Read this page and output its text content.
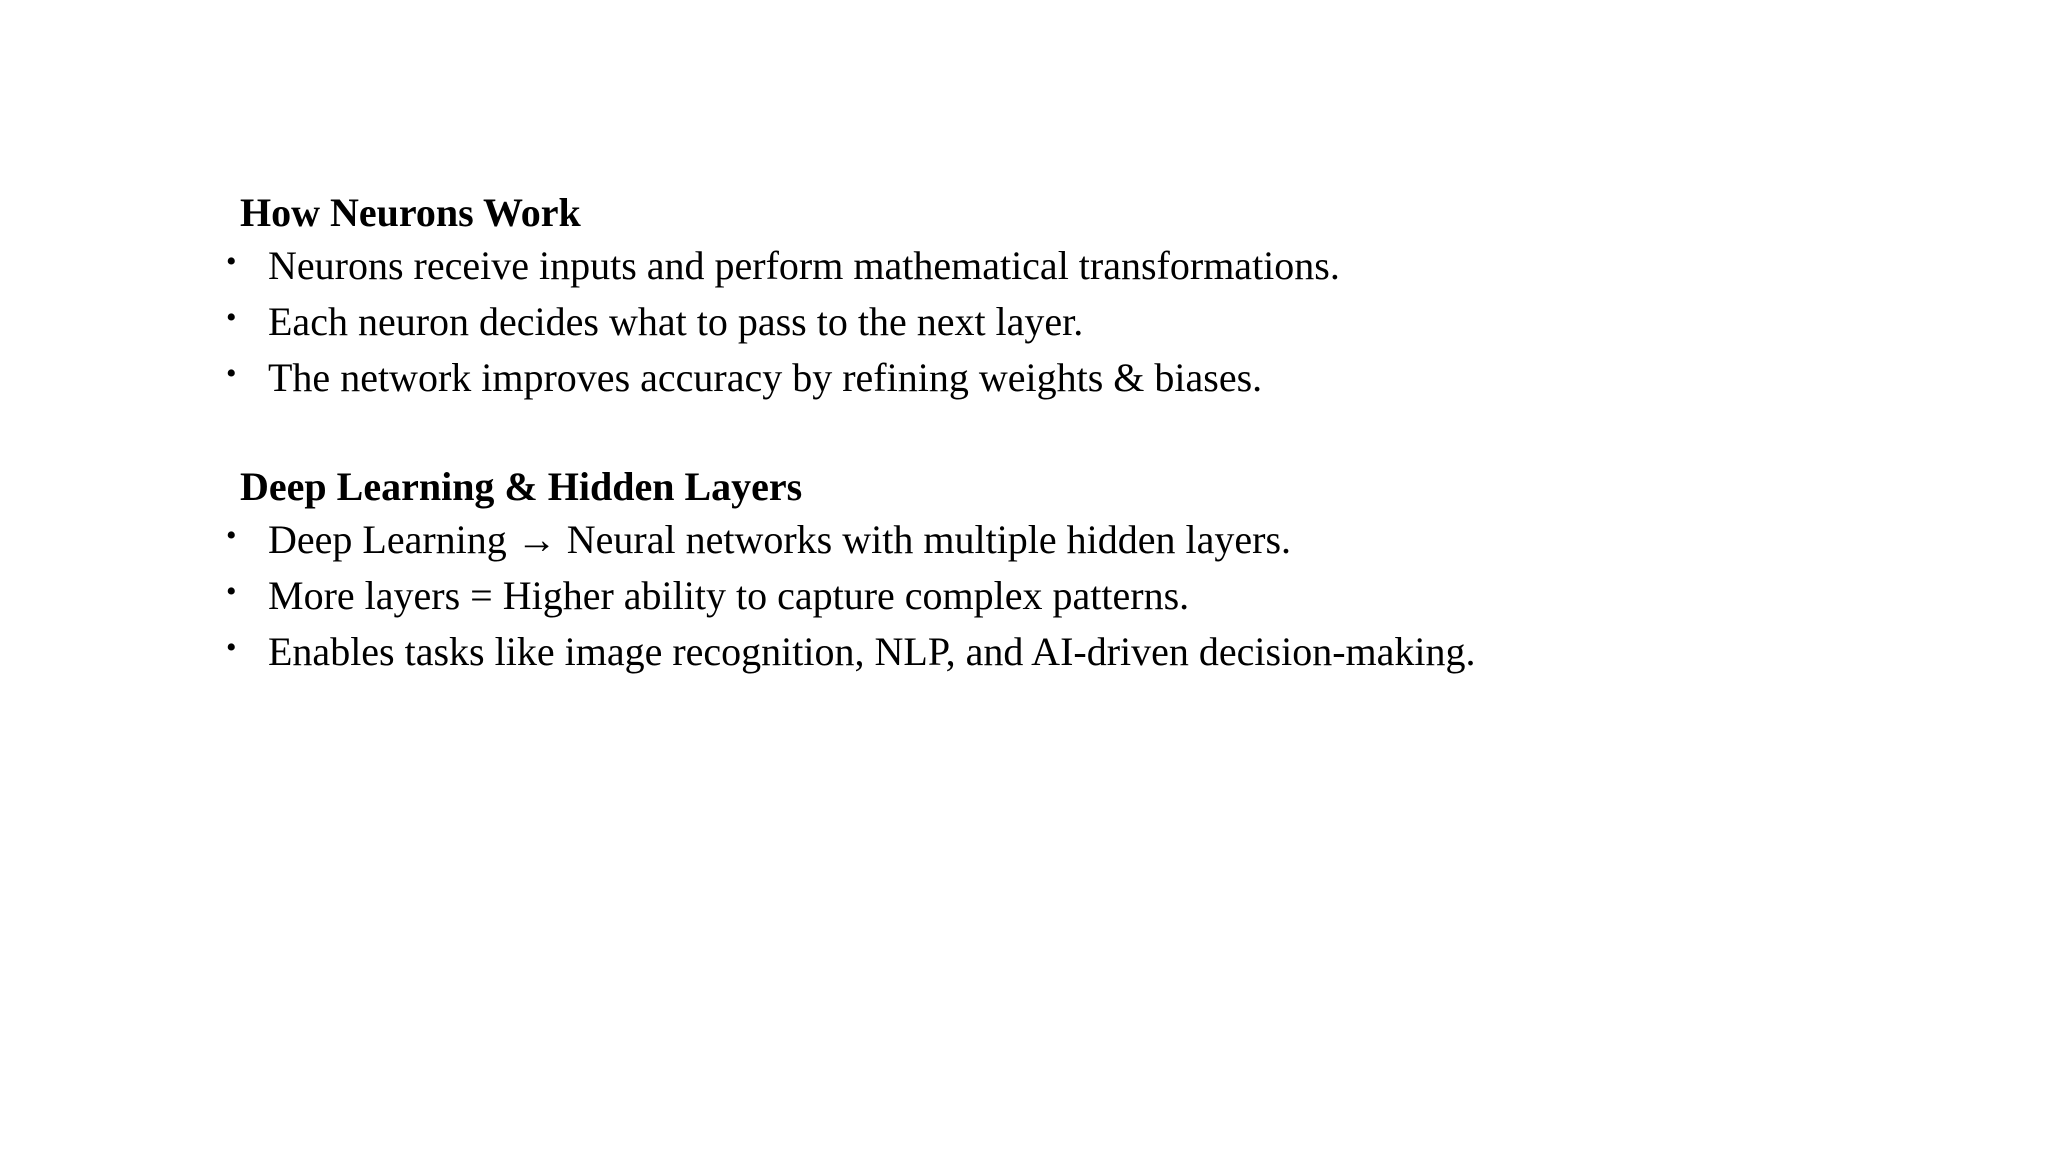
How Neurons Work
• Neurons receive inputs and perform mathematical transformations.
• Each neuron decides what to pass to the next layer.
• The network improves accuracy by refining weights & biases.
Deep Learning & Hidden Layers
• Deep Learning → Neural networks with multiple hidden layers.
• More layers = Higher ability to capture complex patterns.
• Enables tasks like image recognition, NLP, and AI-driven decision-making.
